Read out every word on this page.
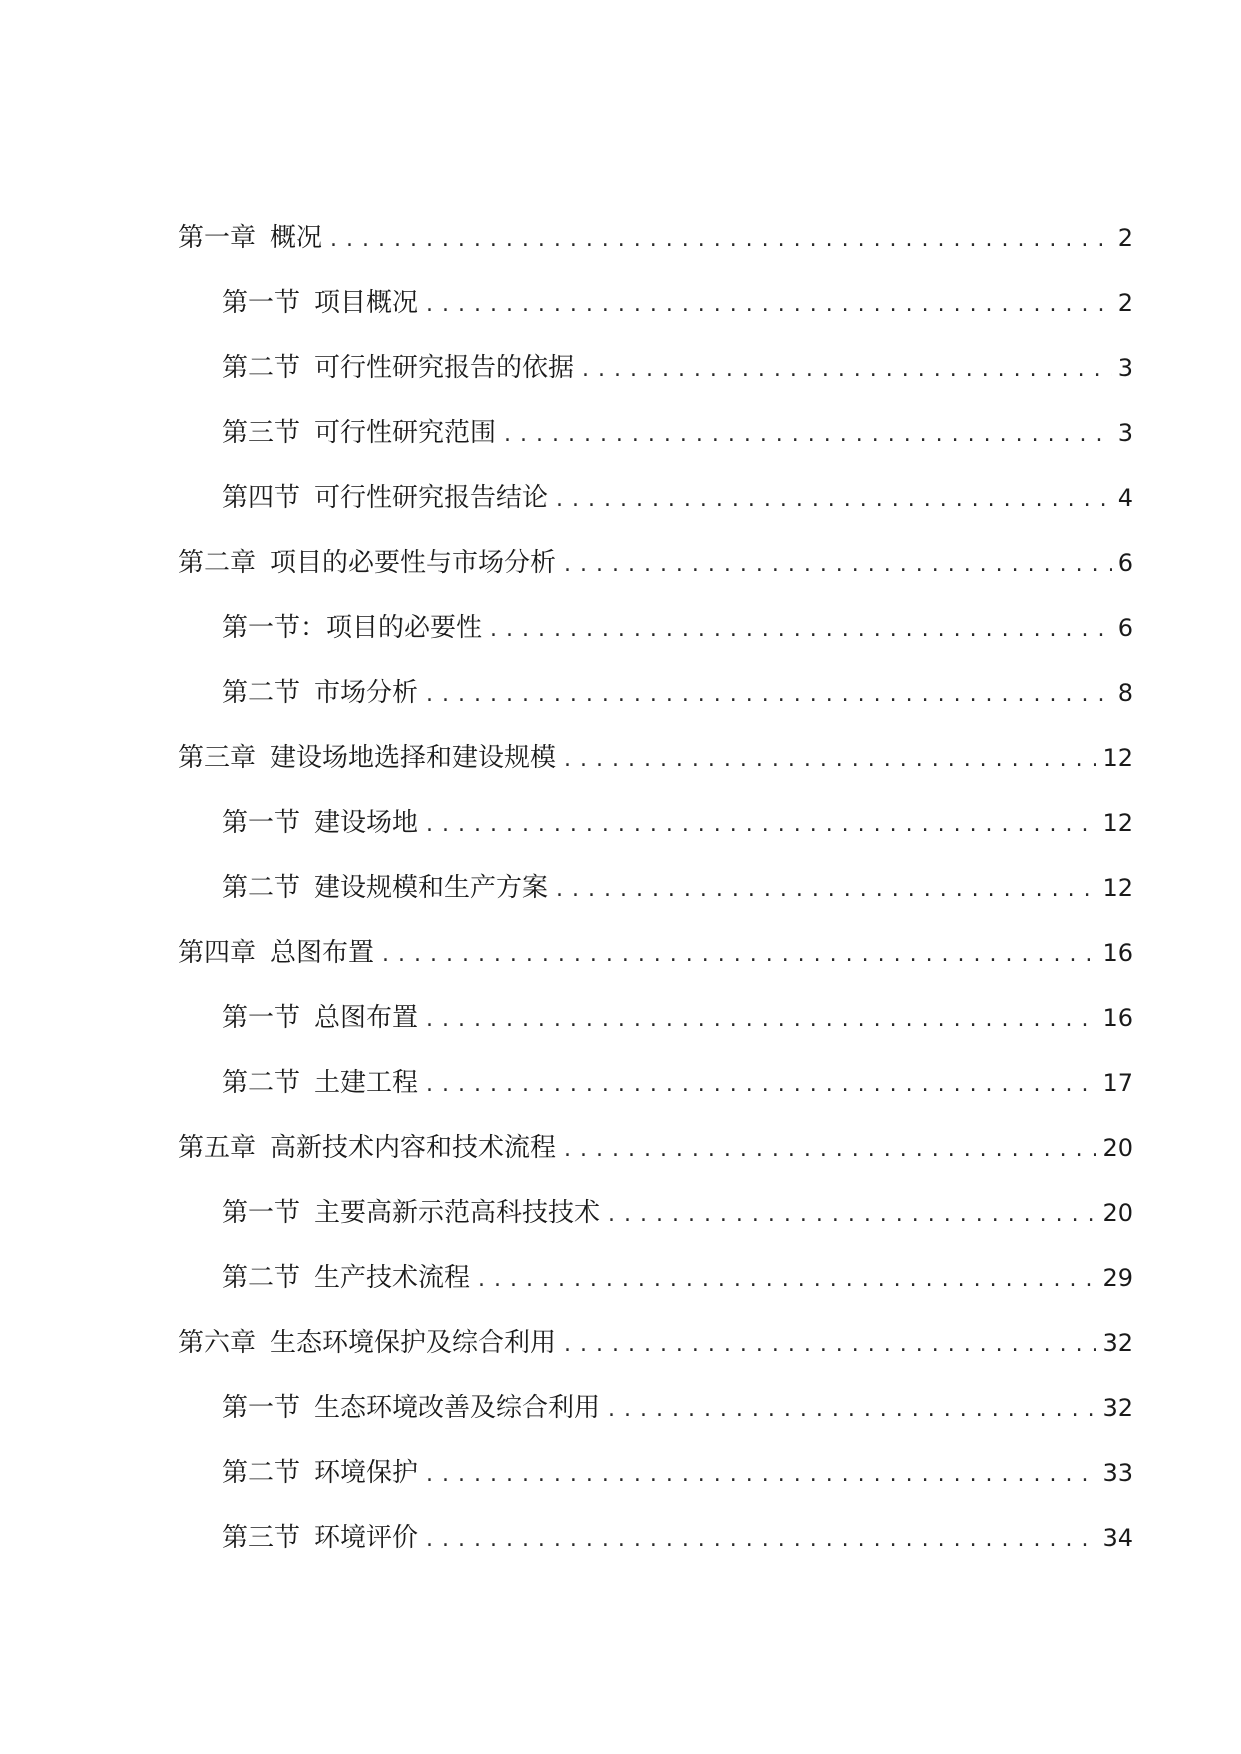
第一章 概况 . . .	2
第一节 项目概况 . . .	2
第二节 可行性研究报告的依据 . . .	3
第三节 可行性研究范围 . . .	3
第四节 可行性研究报告结论 . . .	4
第二章 项目的必要性与市场分析 . . .	6
第一节： 项目的必要性 . . .	6
第二节 市场分析 . . .	8
第三章 建设场地选择和建设规模 . . .	12
第一节 建设场地 . . .	12
第二节 建设规模和生产方案 . . .	12
第四章 总图布置 . . .	16
第一节 总图布置 . . .	16
第二节 土建工程 . . .	17
第五章 高新技术内容和技术流程 . . .	20
第一节 主要高新示范高科技技术 . . .	20
第二节 生产技术流程 . . .	29
第六章 生态环境保护及综合利用 . . .	32
第一节 生态环境改善及综合利用 . . .	32
第二节 环境保护 . . .	33
第三节 环境评价 . . .	34
